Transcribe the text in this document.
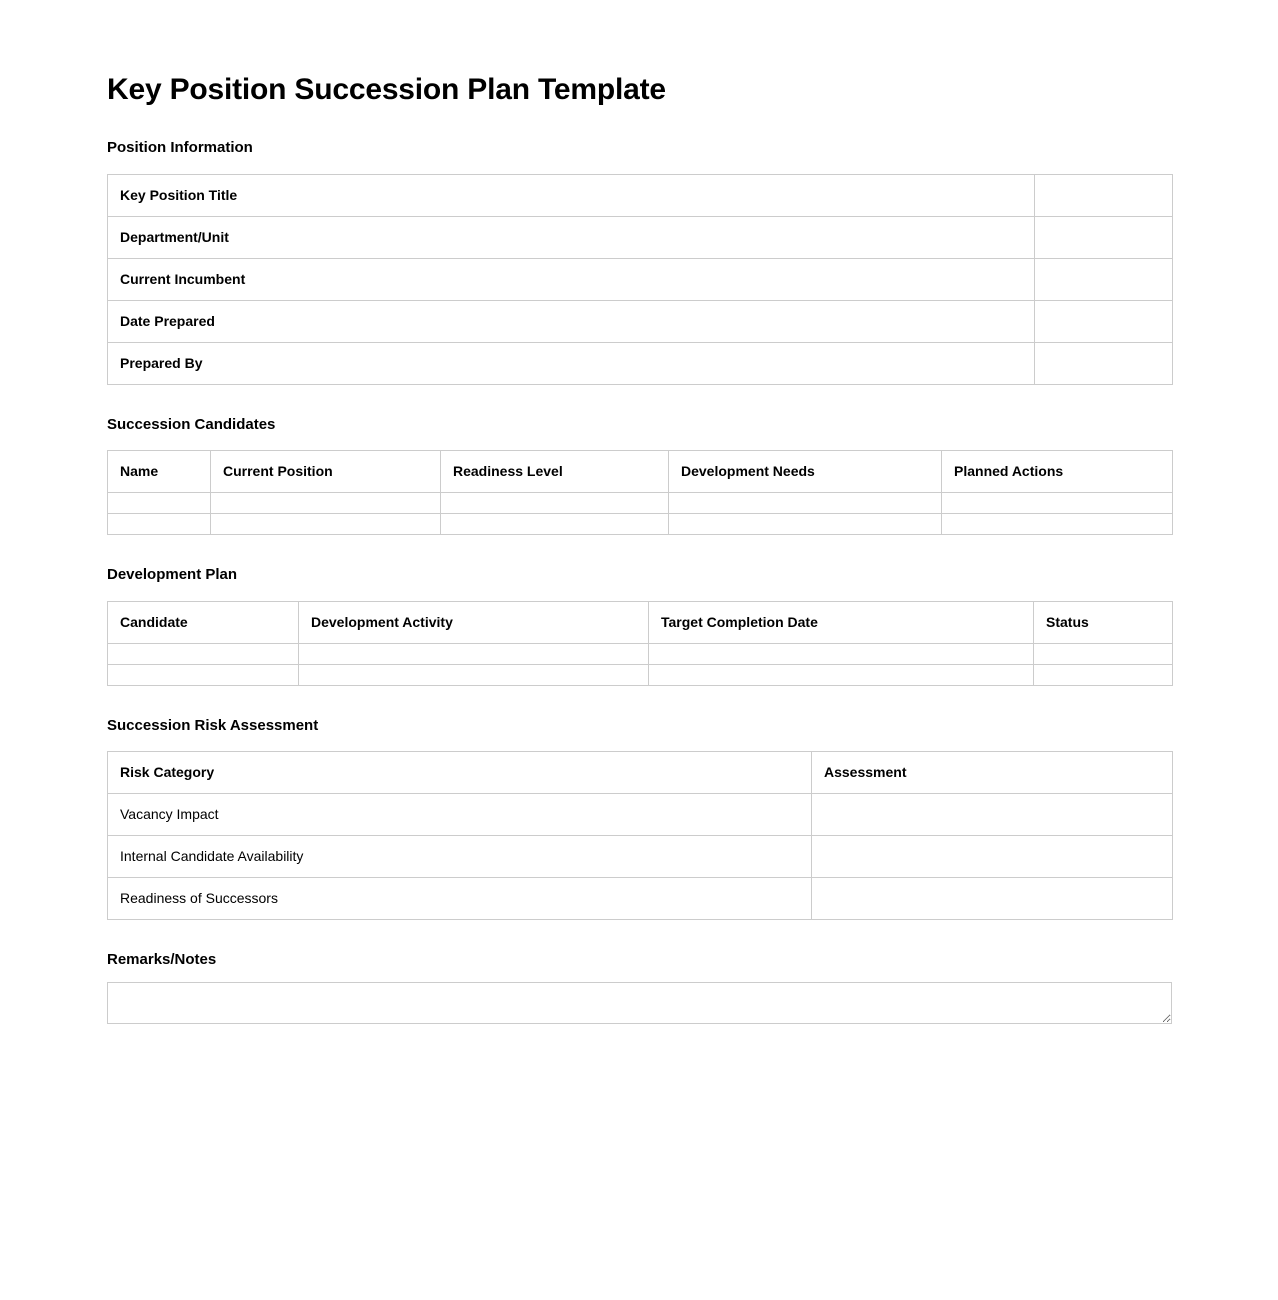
Key Position Succession Plan Template
Position Information
Key Position Title	
Department/Unit	
Current Incumbent	
Date Prepared	
Prepared By	
Succession Candidates
Name	Current Position	Readiness Level	Development Needs	Planned Actions

Development Plan
Candidate	Development Activity	Target Completion Date	Status

Succession Risk Assessment
Risk Category	Assessment
Vacancy Impact	
Internal Candidate Availability	
Readiness of Successors	
Remarks/Notes
